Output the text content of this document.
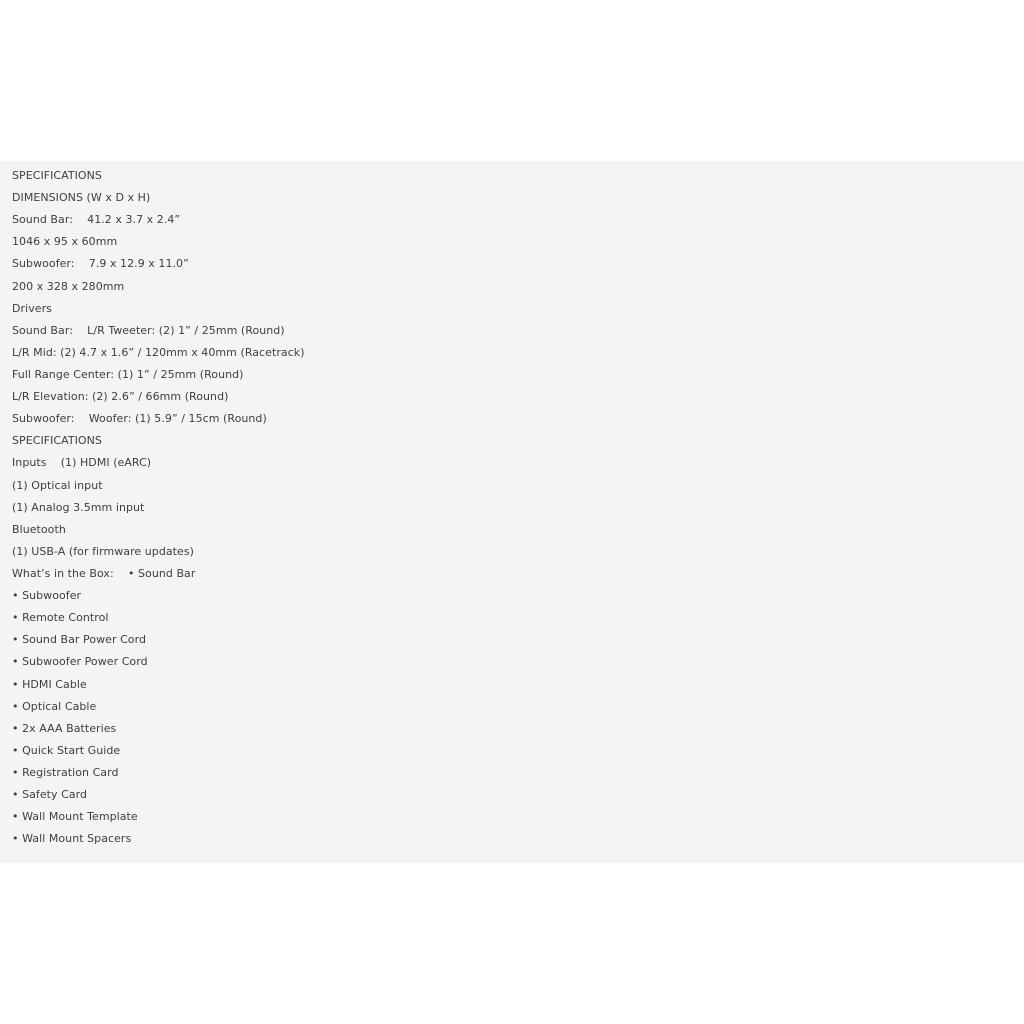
SPECIFICATIONS
DIMENSIONS (W x D x H)
Sound Bar:    41.2 x 3.7 x 2.4”
1046 x 95 x 60mm
Subwoofer:    7.9 x 12.9 x 11.0”
200 x 328 x 280mm
Drivers
Sound Bar:    L/R Tweeter: (2) 1” / 25mm (Round)
L/R Mid: (2) 4.7 x 1.6” / 120mm x 40mm (Racetrack)
Full Range Center: (1) 1” / 25mm (Round)
L/R Elevation: (2) 2.6” / 66mm (Round)
Subwoofer:    Woofer: (1) 5.9” / 15cm (Round)
SPECIFICATIONS
Inputs    (1) HDMI (eARC)
(1) Optical input
(1) Analog 3.5mm input
Bluetooth
(1) USB-A (for firmware updates)
What’s in the Box:    • Sound Bar
• Subwoofer
• Remote Control
• Sound Bar Power Cord
• Subwoofer Power Cord
• HDMI Cable
• Optical Cable
• 2x AAA Batteries
• Quick Start Guide
• Registration Card
• Safety Card
• Wall Mount Template
• Wall Mount Spacers
